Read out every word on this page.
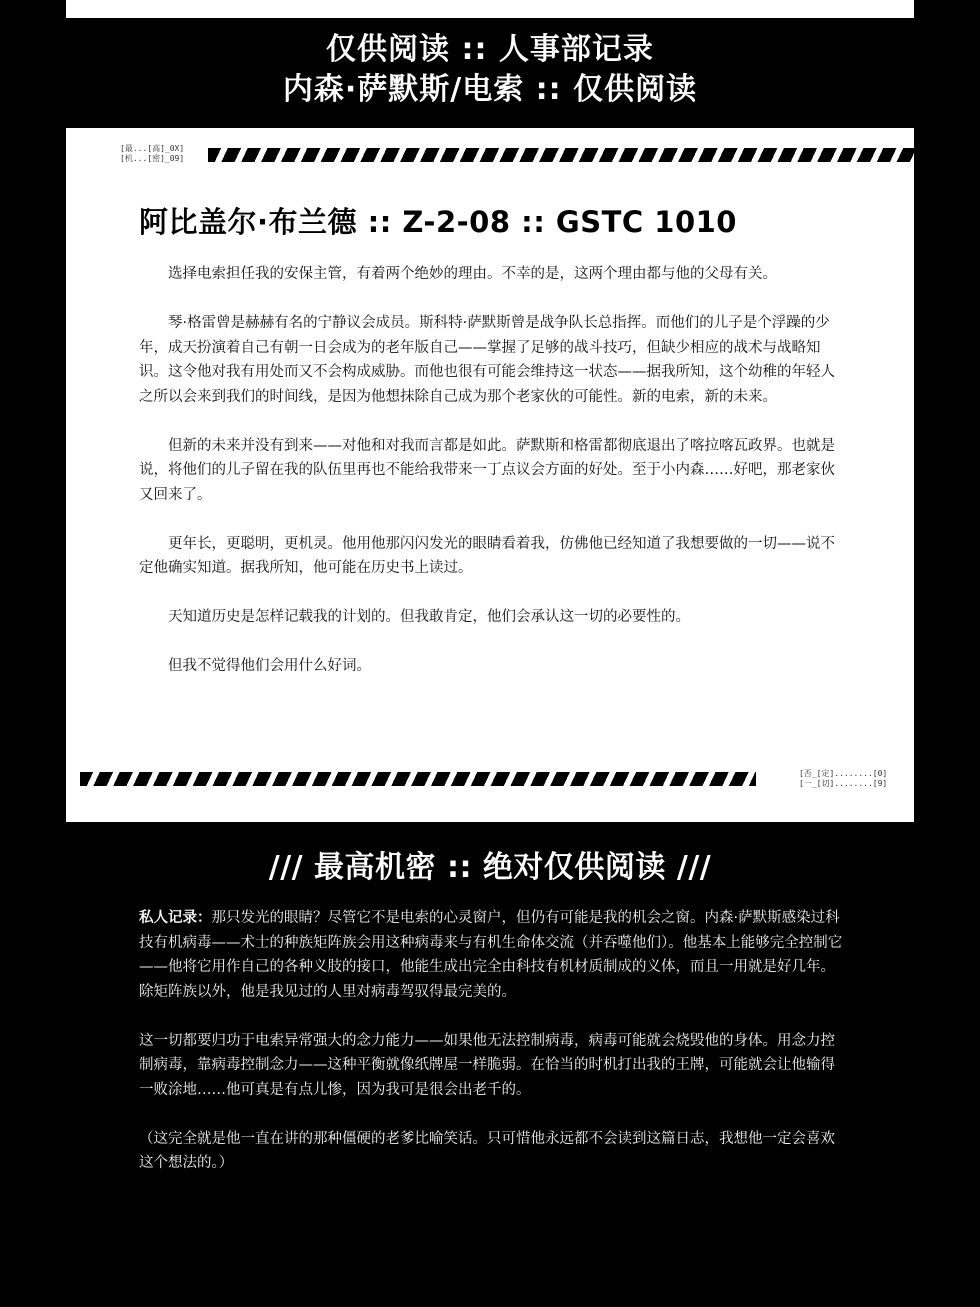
仅供阅读 :: 人事部记录
内森·萨默斯/电索 :: 仅供阅读
[最...[高]_0X]
[机...[密]_09]
阿比盖尔·布兰德 :: Z-2-08 :: GSTC 1010

选择电索担任我的安保主管，有着两个绝妙的理由。不幸的是，这两个理由都与他的父母有关。

琴·格雷曾是赫赫有名的宁静议会成员。斯科特·萨默斯曾是战争队长总指挥。而他们的儿子是个浮躁的少年，成天扮演着自己有朝一日会成为的老年版自己——掌握了足够的战斗技巧，但缺少相应的战术与战略知识。这令他对我有用处而又不会构成威胁。而他也很有可能会维持这一状态——据我所知，这个幼稚的年轻人之所以会来到我们的时间线，是因为他想抹除自己成为那个老家伙的可能性。新的电索，新的未来。

但新的未来并没有到来——对他和对我而言都是如此。萨默斯和格雷都彻底退出了喀拉喀瓦政界。也就是说，将他们的儿子留在我的队伍里再也不能给我带来一丁点议会方面的好处。至于小内森……好吧，那老家伙又回来了。

更年长，更聪明，更机灵。他用他那闪闪发光的眼睛看着我，仿佛他已经知道了我想要做的一切——说不定他确实知道。据我所知，他可能在历史书上读过。

天知道历史是怎样记载我的计划的。但我敢肯定，他们会承认这一切的必要性的。

但我不觉得他们会用什么好词。

[否_[定]........[0]
[一_[切]........[9]
/// 最高机密 :: 绝对仅供阅读 ///

私人记录：那只发光的眼睛？尽管它不是电索的心灵窗户，但仍有可能是我的机会之窗。内森·萨默斯感染过科技有机病毒——术士的种族矩阵族会用这种病毒来与有机生命体交流（并吞噬他们）。他基本上能够完全控制它——他将它用作自己的各种义肢的接口，他能生成出完全由科技有机材质制成的义体，而且一用就是好几年。除矩阵族以外，他是我见过的人里对病毒驾驭得最完美的。

这一切都要归功于电索异常强大的念力能力——如果他无法控制病毒，病毒可能就会烧毁他的身体。用念力控制病毒，靠病毒控制念力——这种平衡就像纸牌屋一样脆弱。在恰当的时机打出我的王牌，可能就会让他输得一败涂地……他可真是有点儿惨，因为我可是很会出老千的。

（这完全就是他一直在讲的那种僵硬的老爹比喻笑话。只可惜他永远都不会读到这篇日志，我想他一定会喜欢这个想法的。）
